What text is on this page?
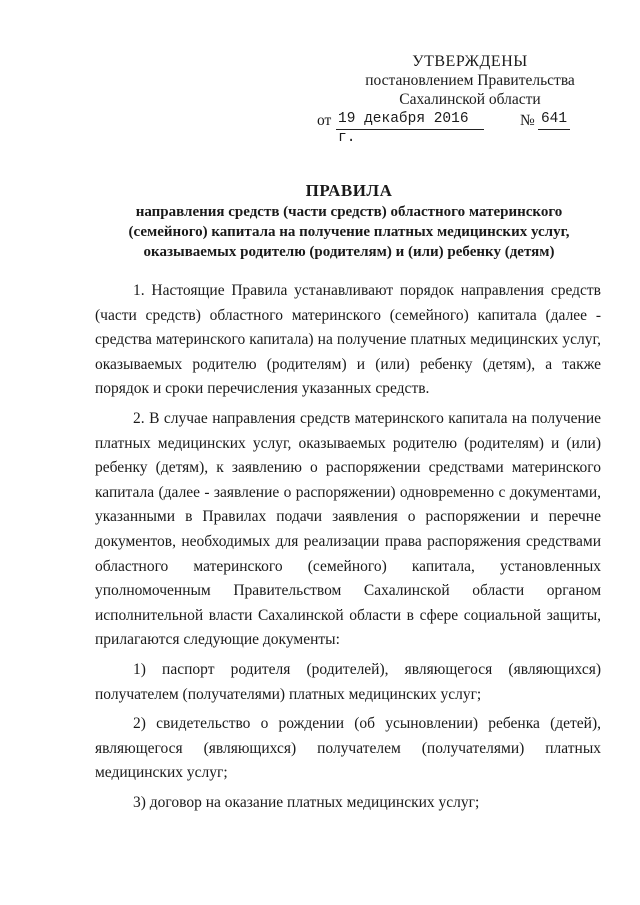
УТВЕРЖДЕНЫ
постановлением Правительства
Сахалинской области
от 19 декабря 2016 г.
№ 641
ПРАВИЛА
направления средств (части средств) областного материнского
(семейного) капитала на получение платных медицинских услуг,
оказываемых родителю (родителям) и (или) ребенку (детям)

1. Настоящие Правила устанавливают порядок направления средств (части средств) областного материнского (семейного) капитала (далее - средства материнского капитала) на получение платных медицинских услуг, оказываемых родителю (родителям) и (или) ребенку (детям), а также порядок и сроки перечисления указанных средств.

2. В случае направления средств материнского капитала на получение платных медицинских услуг, оказываемых родителю (родителям) и (или) ребенку (детям), к заявлению о распоряжении средствами материнского капитала (далее - заявление о распоряжении) одновременно с документами, указанными в Правилах подачи заявления о распоряжении и перечне документов, необходимых для реализации права распоряжения средствами областного материнского (семейного) капитала, установленных уполномоченным Правительством Сахалинской области органом исполнительной власти Сахалинской области в сфере социальной защиты, прилагаются следующие документы:

1) паспорт родителя (родителей), являющегося (являющихся) получателем (получателями) платных медицинских услуг;

2) свидетельство о рождении (об усыновлении) ребенка (детей), являющегося (являющихся) получателем (получателями) платных медицинских услуг;

3) договор на оказание платных медицинских услуг;
